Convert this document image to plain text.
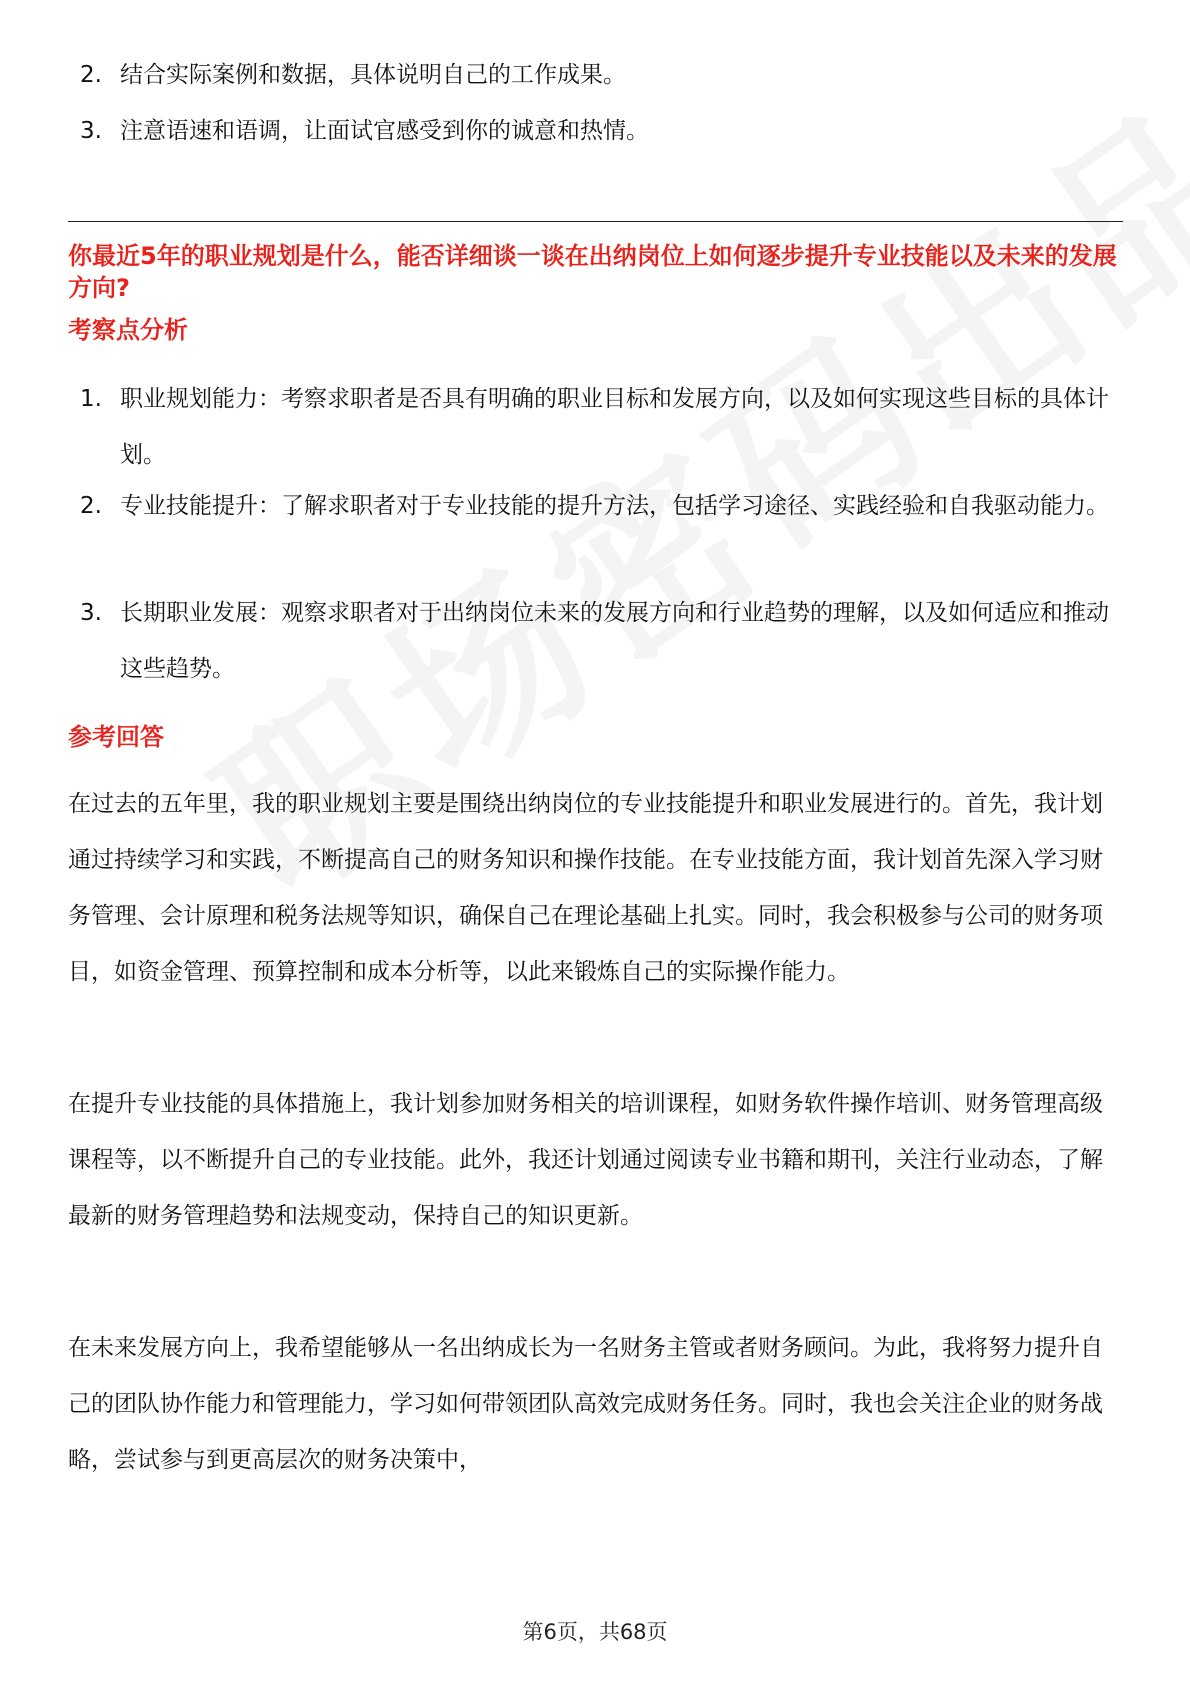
2. 结合实际案例和数据，具体说明自己的工作成果。
3. 注意语速和语调，让面试官感受到你的诚意和热情。

你最近5年的职业规划是什么，能否详细谈一谈在出纳岗位上如何逐步提升专业技能以及未来的发展方向?

考察点分析

1. 职业规划能力：考察求职者是否具有明确的职业目标和发展方向，以及如何实现这些目标的具体计划。
2. 专业技能提升：了解求职者对于专业技能的提升方法，包括学习途径、实践经验和自我驱动能力。
3. 长期职业发展：观察求职者对于出纳岗位未来的发展方向和行业趋势的理解，以及如何适应和推动这些趋势。

参考回答

在过去的五年里，我的职业规划主要是围绕出纳岗位的专业技能提升和职业发展进行的。首先，我计划通过持续学习和实践，不断提高自己的财务知识和操作技能。在专业技能方面，我计划首先深入学习财务管理、会计原理和税务法规等知识，确保自己在理论基础上扎实。同时，我会积极参与公司的财务项目，如资金管理、预算控制和成本分析等，以此来锻炼自己的实际操作能力。

在提升专业技能的具体措施上，我计划参加财务相关的培训课程，如财务软件操作培训、财务管理高级课程等，以不断提升自己的专业技能。此外，我还计划通过阅读专业书籍和期刊，关注行业动态，了解最新的财务管理趋势和法规变动，保持自己的知识更新。

在未来发展方向上，我希望能够从一名出纳成长为一名财务主管或者财务顾问。为此，我将努力提升自己的团队协作能力和管理能力，学习如何带领团队高效完成财务任务。同时，我也会关注企业的财务战略，尝试参与到更高层次的财务决策中，

第6页，共68页
